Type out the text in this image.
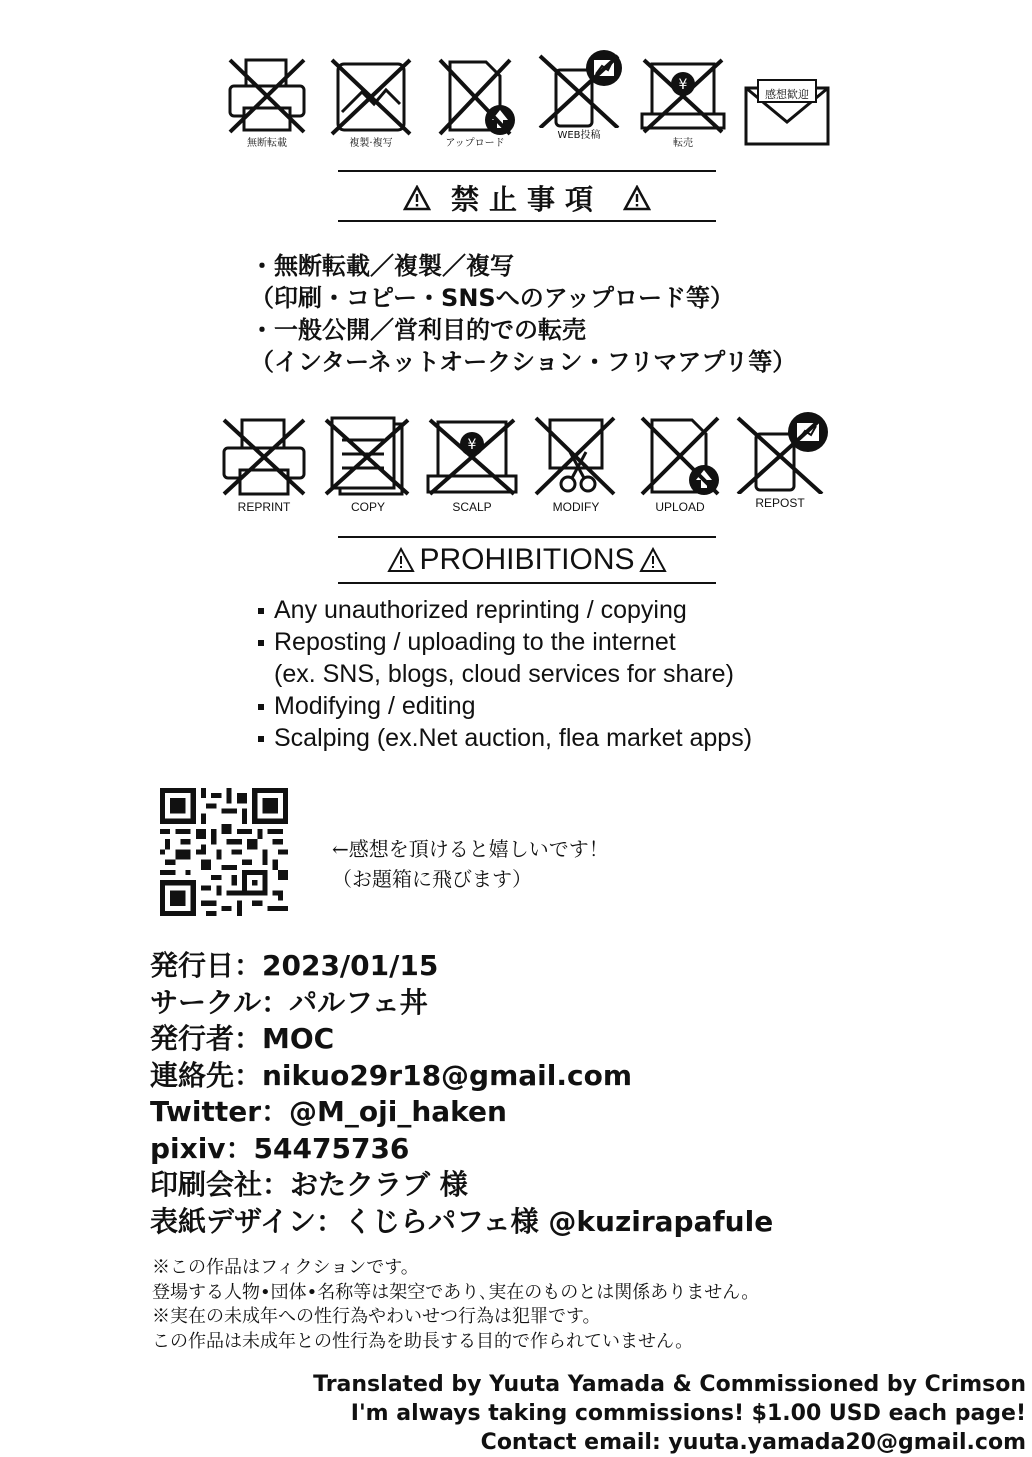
無断転載	複製·複写	アップロード
WEB投稿
¥
転売
感想歓迎
禁止事項
・無断転載／複製／複写
（印刷・コピー・SNSへのアップロード等）
・一般公開／営利目的での転売
（インターネットオークション・フリマアプリ等）
REPRINT	COPY
¥
SCALP	MODIFY	UPLOAD	REPOST
PROHIBITIONS
Any unauthorized reprinting / copying
Reposting / uploading to the internet
(ex. SNS, blogs, cloud services for share)
Modifying / editing
Scalping (ex.Net auction, flea market apps)
←感想を頂けると嬉しいです！
（お題箱に飛びます）
発行日：2023/01/15
サークル：パルフェ丼
発行者：MOC
連絡先：nikuo29r18@gmail.com
Twitter：@M_oji_haken
pixiv：54475736
印刷会社：おたクラブ 様
表紙デザイン：くじらパフェ様 @kuzirapafule
※この作品はフィクションです。
登場する人物•団体•名称等は架空であり､実在のものとは関係ありません。
※実在の未成年への性行為やわいせつ行為は犯罪です。
この作品は未成年との性行為を助長する目的で作られていません。
Translated by Yuuta Yamada & Commissioned by Crimson
I'm always taking commissions! $1.00 USD each page!
Contact email: yuuta.yamada20@gmail.com
